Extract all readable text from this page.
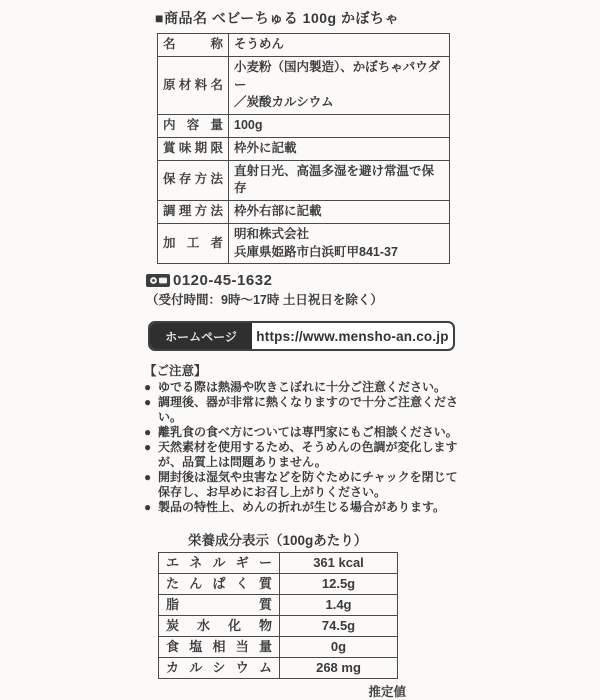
■商品名 ベビーちゅる 100g かぼちゃ
名称	そうめん
原材料名	小麦粉（国内製造）、かぼちゃパウダー
／炭酸カルシウム

内容量	100g
賞味期限	枠外に記載
保存方法	直射日光、高温多湿を避け常温で保存
調理方法	枠外右部に記載
加工者	明和株式会社
兵庫県姫路市白浜町甲841-37
0120-45-1632
（受付時間：9時～17時 土日祝日を除く）
ホームページ	https://www.mensho-an.co.jp
【ご注意】
● ゆでる際は熱湯や吹きこぼれに十分ご注意ください。
● 調理後、器が非常に熱くなりますので十分ご注意ください。
● 離乳食の食べ方については専門家にもご相談ください。
● 天然素材を使用するため、そうめんの色調が変化しますが、品質上は問題ありません。
● 開封後は湿気や虫害などを防ぐためにチャックを閉じて保存し、お早めにお召し上がりください。
● 製品の特性上、めんの折れが生じる場合があります。
栄養成分表示（100gあたり）
エネルギー	361 kcal
たんぱく質	12.5g
脂質	1.4g
炭水化物	74.5g
食塩相当量	0g
カルシウム	268 mg
推定値
